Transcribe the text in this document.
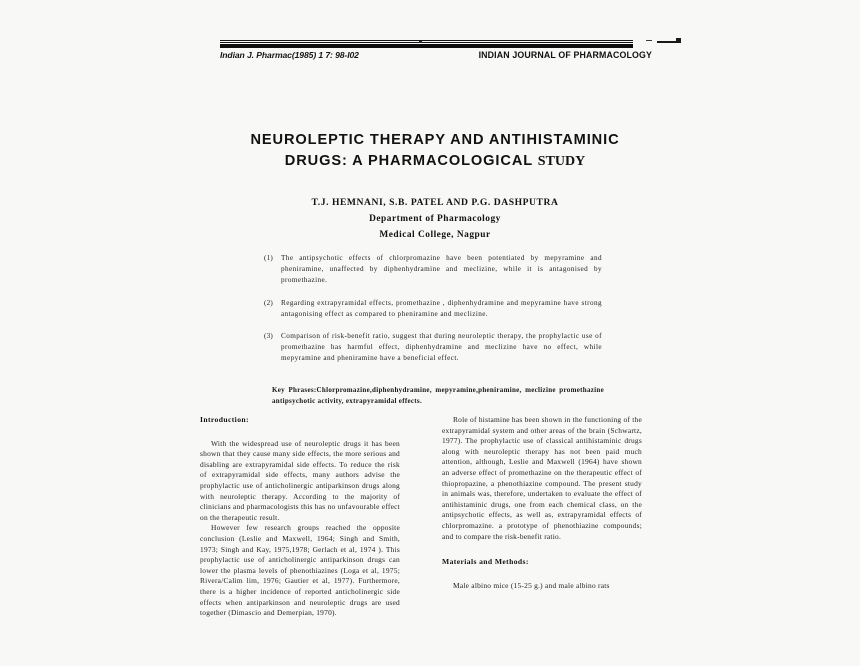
Indian J. Pharmac(1985) 1 7: 98-I02	INDIAN JOURNAL OF PHARMACOLOGY
NEUROLEPTIC THERAPY AND ANTIHISTAMINIC
DRUGS: A PHARMACOLOGICAL STUDY
T.J. HEMNANI, S.B. PATEL AND P.G. DASHPUTRA
Department of Pharmacology
Medical College, Nagpur
(1)	The antipsychotic effects of chlorpromazine have been potentiated by mepyramine and pheniramine, unaffected by diphenhydramine and meclizine, while it is antagonised by promethazine.
(2)	Regarding extrapyramidal effects, promethazine , diphenhydramine and mepyramine have strong antagonising effect as compared to pheniramine and meclizine.
(3)	Comparison of risk-benefit ratio, suggest that during neuroleptic therapy, the prophylactic use of promethazine has harmful effect, diphenhydramine and meclizine have no effect, while mepyramine and pheniramine have a beneficial effect.
Key Phrases:Chlorpromazine,diphenhydramine, mepyramine,pheniramine, meclizine promethazine antipsychotic activity, extrapyramidal effects.
Introduction:

With the widespread use of neuroleptic drugs it has been shown that they cause many side effects, the more serious and disabling are extrapyramidal side effects. To reduce the risk of extrapyramidal side effects, many authors advise the prophylactic use of anticholinergic antiparkinson drugs along with neuroleptic therapy. According to the majority of clinicians and pharmacologists this has no unfavourable effect on the therapeutic result.

However few research groups reached the opposite conclusion (Leslie and Maxwell, 1964; Singh and Smith, 1973; Singh and Kay, 1975,1978; Gerlach et al, 1974 ). This prophylactic use of anticholinergic antiparkinson drugs can lower the plasma levels of phenothiazines (Loga et al, 1975; Rivera/Calim lim, 1976; Gautier et al, 1977). Furthermore, there is a higher incidence of reported anticholinergic side effects when antiparkinson and neuroleptic drugs are used together (Dimascio and Demerpian, 1970).

Role of histamine has been shown in the functioning of the extrapyramidal system and other areas of the brain (Schwartz, 1977). The prophylactic use of classical antihistaminic drugs along with neuroleptic therapy has not been paid much attention, although, Leslie and Maxwell (1964) have shown an adverse effect of promethazine on the therapeutic effect of thiopropazine, a phenothiazine compound. The present study in animals was, therefore, undertaken to evaluate the effect of antihistaminic drugs, one from each chemical class, on the antipsychotic effects, as well as, extrapyramidal effects of chlorpromazine. a prototype of phenothiazine compounds; and to compare the risk-benefit ratio.

Materials and Methods:

Male albino mice (15-25 g.) and male albino rats
